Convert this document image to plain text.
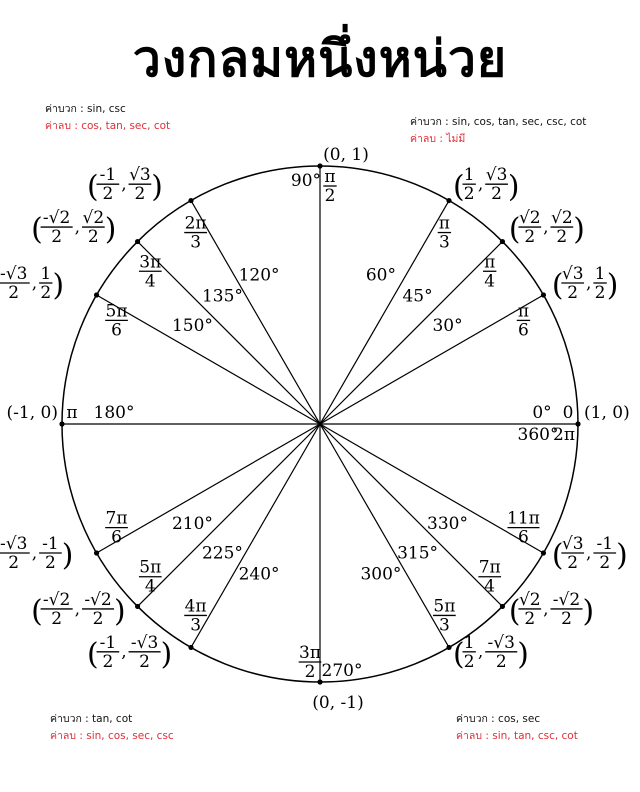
วงกลมหนึ่งหน่วย
ค่าบวก : sin, csc
ค่าลบ : cos, tan, sec, cot	ค่าบวก : sin, cos, tan, sec, csc, cot
ค่าลบ : ไม่มี
ค่าบวก : tan, cot
ค่าลบ : sin, cos, sec, csc
ค่าบวก : cos, sec
ค่าลบ : sin, tan, csc, cot
0°
360°
0
2π
(1, 0)
30°
π
6
(
√3
2 , 1
2 )
45°
π
4
(
√2
2 , √2
2 )
60°
π
3
( 1
2 , √3
2 )
90° π
2
(0, 1)
120°
2π
3
( -1
2 , √3
2 )
135°
3π
4
( -√2
2 , √2
2 )
150°
5π
6
-√3
2 , 1
2 )
180°
π
(-1, 0)
210°
7π
6
-√3
2 , -1
2 )	225°
5π
4
( -√2
2 , -√2
2 )
240°
4π
3
( -1
2 , -√3
2 )	270°
3π
2
(0, -1)
300°
5π
3
( 1
2 , -√3
2 )
315°
7π
4
(
√2
2 , -√2
2 )
330° 11π
6
(
√3
2 , -1
2 )
